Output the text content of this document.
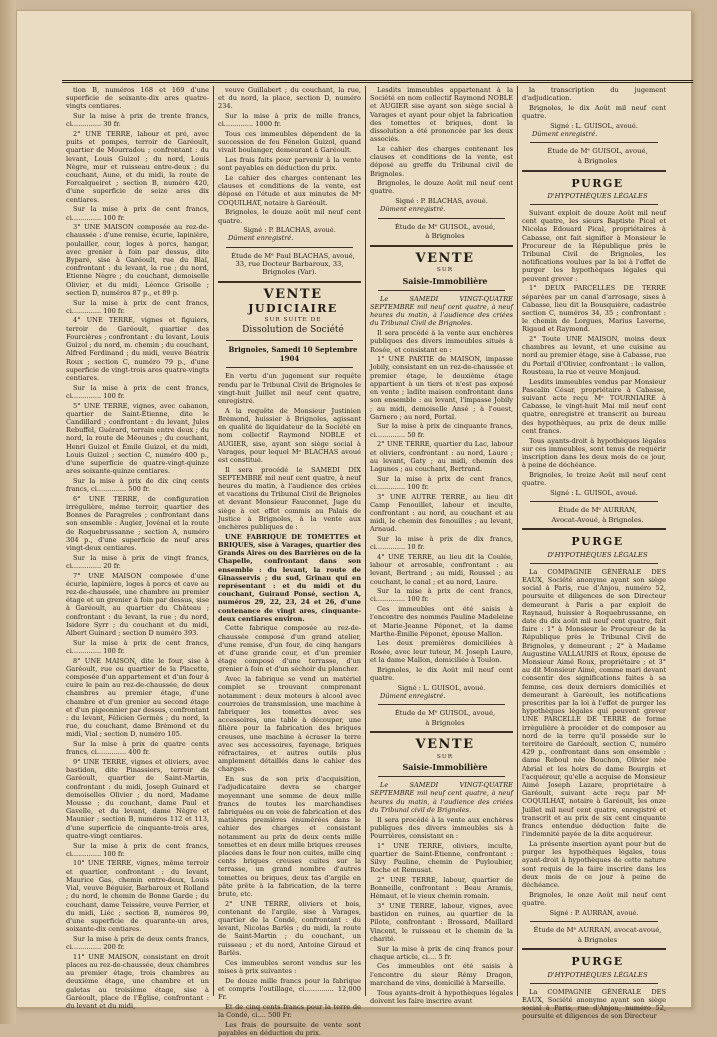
tion B, numéros 168 et 169 d'une superficie de soixante-dix ares quatre-vingts centiares.

Sur la mise à prix de trente francs, ci.............. 30 fr.

2° UNE TERRE, labour et pré, avec puits et pompes, terroir de Garéoult, quartier de Mourradou ; confrontant : du levant, Louis Guizol ; du nord, Louis Nègre, mur et ruisseau entre-deux ; du couchant, Aune, et du midi, la route de Forcalqueiret ; section B, numéro 420, d'une superficie de seize ares dix centiares.

Sur la mise à prix de cent francs, ci.............. 100 fr.

3° UNE MAISON composée au rez-de-chaussée : d'une remise, écurie, lapinière, poulailler, cour, loges à porcs, hangar, avec grenier à foin par dessus, dite Byparé, sise à Garéoult, rue du Blaï, confrontant : du levant, la rue ; du nord, Etienne Nègre ; du couchant, demoiselle Olivier, et du midi, Léonce Grisolle ; section D, numéros 87 p., et 89 p.

Sur la mise à prix de cent francs, ci.............. 100 fr.

4° UNE TERRE, vignes et figuiers, terroir de Garéoult, quartier des Fourcières ; confrontant : du levant, Louis Guizol ; du nord, m. chemin ; du couchant, Alfred Ferdinand ; du midi, veuve Béatrix Roux ; section C, numéro 79 p., d'une superficie de vingt-trois ares quatre-vingts centiares.

Sur la mise à prix de cent francs, ci.............. 100 fr.

5° UNE TERRE, vignes, avec cabanon, quartier de Saint-Étienne, dite le Candillard ; confrontant : du levant, Jules Rebuffel, Guérard, terrain entre deux ; du nord, la route de Méounes ; du couchant, Henri Guizol et Émile Guizol, et du midi, Louis Guizol ; section C, numéro 400 p., d'une superficie de quatre-vingt-quinze ares soixante-quinze centiares.

Sur la mise à prix de dix cinq cents francs, ci.............. 500 fr.

6° UNE TERRE, de configuration irrégulière, même terroir, quartier des Bonnes de Paragreles ; confrontant dans son ensemble : Augier, Jovénal et la route de Roquebrussanne ; section A, numéro 304 p., d'une superficie de neuf ares vingt-deux centiares.

Sur la mise à prix de vingt francs, ci.............. 20 fr.

7° UNE MAISON composée d'une écurie, lapinière, loges à porcs et cave au rez-de-chaussée, une chambre au premier étage et un grenier à foin par dessus, sise à Garéoult, au quartier du Château ; confrontant : du levant, la rue ; du nord, Isidore Syrr ; du couchant et du midi, Albert Guinard ; section D numéro 393.

Sur la mise à prix de cent francs, ci.............. 100 fr.

8° UNE MAISON, dite le four, sise à Garéoult, rue ou quartier de la Placette, composée d'un appartement et d'un four à cuire le pain au rez-de-chaussée, de deux chambres au premier étage, d'une chambre et d'un grenier au second étage et d'un pigeonnier par dessus, confrontant : du levant, Félicien Germès ; du nord, la rue, du couchant, dame Brémond et du midi, Vial ; section D, numéro 105.

Sur la mise à prix de quatre cents francs, ci.............. 400 fr.

9° UNE TERRE, vignes et oliviers, avec bastidon, dite Pinassiers, terroir de Garéoult, quartier de Saint-Martin, confrontant : du midi, Joseph Guinard et demoiselles Olivier ; du nord, Madame Mousse ; du couchant, dame Paul et Gavelle, et du levant, dame Nègre et Maunier ; section B, numéros 112 et 113, d'une superficie de cinquante-trois ares, quatre-vingt centiares.

Sur la mise à prix de cent francs, ci.............. 100 fr.

10° UNE TERRE, vignes, même terroir et quartier, confrontant : du levant, Maurice Gas, chemin entre-deux, Louis Vial, veuve Béguier, Barbaroux et Rolland ; du nord, le chemin de Bonne Garde ; du couchant, dame Teissère, veuve Perrier, et du midi, Liéc ; section B, numéros 99, d'une superficie de quarante-un ares, soixante-dix centiares.

Sur la mise à prix de deux cents francs, ci.............. 200 fr.

11° UNE MAISON, consistant en droit places au rez-de-chaussée, deux chambres au premier étage, trois chambres au deuxième étage, une chambre et un galetas au troisième étage, sise à Garéoult, place de l'Église, confrontant : du levant et du midi,

veuve Guillabert ; du couchant, la rue, et du nord, la place, section D, numéro 234.

Sur la mise à prix de mille francs, ci.............. 1000 fr.

Tous ces immeubles dépendent de la succession de feu Fénelon Guizol, quand vivait boulanger, demeurant à Garéoult.

Les frais faits pour parvenir à la vente sont payables en déduction du prix.

Le cahier des charges contenant les clauses et conditions de la vente, est déposé en l'étude et aux minutes de Mᵉ COQUILHAT, notaire à Garéoult.

Brignoles, le douze août mil neuf cent quatre.

Signé : P. BLACHAS, avoué.

Dûment enregistré.

Étude de Mᵉ Paul BLACHAS, avoué, 33, rue Docteur Barbaroux, 33, Brignoles (Var).

VENTE

JUDICIAIRE

SUR SUITE DE

Dissolution de Société

Brignoles, Samedi 10 Septembre 1904

En vertu d'un jugement sur requête rendu par le Tribunal Civil de Brignoles le vingt-huit Juillet mil neuf cent quatre, enregistré.

A la requête de Monsieur Justinien Brémond, huissier à Brignoles, agissant en qualité de liquidateur de la Société en nom collectif Raymond NOBLE et AUGIER, sise, ayant son siège social à Varages, pour lequel Mᵉ BLACHAS avoué est constitué.

Il sera procédé le SAMEDI DIX SEPTEMBRE mil neuf cent quatre, à neuf heures du matin, à l'audience des criées et vacations du Tribunal Civil de Brignoles et devant Monsieur Fauconnet, Juge du siège à cet effet commis au Palais de Justice à Brignoles, à la vente aux enchères publiques de :

UNE FABRIQUE DE TOMETTES et BRIQUES, sise à Varages, quartier des Grands Aires ou des Barrières ou de la Chapelle, confrontant dans son ensemble : du levant, la route de Ginasservis ; du sud, Grinau qui en représentant : et du midi et du couchant, Guiraud Ponsé, section A, numéros 29, 22, 23, 24 et 26, d'une contenance de vingt ares, cinquante-deux centiares environ.

Cette fabrique composée au rez-de-chaussée composé d'un grand atelier, d'une remise, d'un four, de cinq hangars et d'une grande cour, et d'un premier étage composé d'une terrasse, d'un grenier à foin et d'un séchoir du plancher.

Avec la fabrique se vend un matériel complet se trouvant comprenant notamment : deux moteurs à alcool avec courroies de transmission, une machine à fabriquer les tomettes avec ses accessoires, une table à découper, une filière pour la fabrication des briques creuses, une machine à écraser la terre avec ses accessoires, fayenage, briques réfractaires, et autres outils plus amplement détaillés dans le cahier des charges.

En sus de son prix d'acquisition, l'adjudicataire devra se charger moyennant une somme de deux mille francs de toutes les marchandises fabriquées ou en voie de fabrication et des matières premières énumérées dans le cahier des charges et consistant notamment au prix de deux cents mille tomettes et en deux mille briques creuses placées dans le four non cuites, mille cinq cents briques creuses cuites sur la terrasse, un grand nombre d'autres tomettes ou briques, deux tas d'argile en pâte prête à la fabrication, de la terre brute, etc.

2° UNE TERRE, oliviers et bois, contenant de l'argile, sise à Varages, quartier de la Condé, confrontant : du levant, Nicolas Barlès ; du midi, la route de Saint-Martin ; du couchant, un ruisseau ; et du nord, Antoine Giraud et Barlès.

Ces immeubles seront vendus sur les mises à prix suivantes :

De douze mille francs pour la fabrique et compris l'outillage, ci.............. 12,000 Fr.

Et de cinq cents francs pour la terre de la Condé, ci.... 500 Fr.

Les frais de poursuite de vente sont payables en déduction du prix.

Lesdits immeubles appartenant à la Société en nom collectif Raymond NOBLE et AUGIER sise ayant son siège social à Varages et ayant pour objet la fabrication des tomettes et briques, dont la dissolution a été prononcée par les deux associés.

Le cahier des charges contenant les clauses et conditions de la vente, est déposé au greffe du Tribunal civil de Brignoles.

Brignoles, le douze Août mil neuf cent quatre.

Signé : P. BLACHAS, avoué.

Dûment enregistré.

Étude de Mᵉ GUISOL, avoué,

à Brignoles

VENTE

SUR

Saisie-Immobilière

Le SAMEDI VINGT-QUATRE SEPTEMBRE mil neuf cent quatre, à neuf heures du matin, à l'audience des criées du Tribunal Civil de Brignoles.

Il sera procédé à la vente aux enchères publiques des divers immeubles situés à Rosée, et consistant en :

1° UNE PARTIE de MAISON, impasse Jobily, consistant en un rez-de-chaussée et premier étage, le deuxième étage appartient à un tiers et n'est pas exposé en vente ; ladite maison confrontant dans son ensemble : au levant, l'impasse Jobily ; au midi, demoiselle Ansé ; à l'ouest, Garnero ; au nord, Portal.

Sur la mise à prix de cinquante francs, ci.............. 50 fr.

2° UNE TERRE, quartier du Lac, labour et oliviers, confrontant : au nord, Laure ; au levant, Gaty ; au midi, chemin des Lagunes ; au couchant, Bertrand.

Sur la mise à prix de cent francs, ci.............. 100 fr.

3° UNE AUTRE TERRE, au lieu dit Camp Fenouillet, labour et inculte, confrontant : au nord, au couchant et au midi, le chemin des fenouilles ; au levant, Arnaud.

Sur la mise à prix de dix francs, ci.............. 10 fr.

4° UNE TERRE, au lieu dit la Coulée, labour et arrosable, confrontant : au levant, Bertrand ; au midi, Roussel ; au couchant, le canal ; et au nord, Laure.

Sur la mise à prix de cent francs, ci.............. 100 fr.

Ces immeubles ont été saisis à l'encontre des nommés Pauline Madeleine et Marie-Jeanne Péponet, et la dame Marthe-Émilie Péponet, épouse Mallon.

Les deux premières domiciliées à Rosée, avec leur tuteur, M. Joseph Laure, et la dame Mallon, domiciliée à Toulon.

Brignoles, le dix Août mil neuf cent quatre.

Signé : L. GUISOL, avoué.

Dûment enregistré.

Étude de Mᵉ GUISOL, avoué,

à Brignoles

VENTE

SUR

Saisie-Immobilière

Le SAMEDI VINGT-QUATRE SEPTEMBRE mil neuf cent quatre, à neuf heures du matin, à l'audience des criées du Tribunal civil de Brignoles.

Il sera procédé à la vente aux enchères publiques des divers immeubles sis à Pourrières, consistant en :

1° UNE TERRE, oliviers, inculte, quartier de Saint-Étienne, confrontant : Silvy Pauline, chemin de Puyloubier, Roche et Remusat.

2° UNE TERRE, labour, quartier de Bonneille, confrontant : Beau Aramis, Hémaut, et le vieux chemin romain.

3° UNE TERRE, labour, vignes, avec bastidon en ruines, au quartier de la Pilote, confrontant : Brossard, Maillard Vincent, le ruisseau et le chemin de la charité.

Sur la mise à prix de cinq francs pour chaque article, ci.... 5 fr.

Ces immeubles ont été saisis à l'encontre du sieur Rémy Dragon, marchand de vins, domicilié à Marseille.

Tous ayants-droit à hypothèques légales doivent les faire inscrire avant

la transcription du jugement d'adjudication.

Brignoles, le dix Août mil neuf cent quatre.

Signé : L. GUISOL, avoué.

Dûment enregistré.

Étude de Mᵉ GUISOL, avoué,

à Brignoles

PURGE

D'HYPOTHÈQUES LÉGALES

Suivant exploit de douze Août mil neuf cent quatre, les sieurs Baptiste Pical et Nicolas Edouard Pical, propriétaires à Cabasse, ont fait signifier à Monsieur le Procureur de la République près le Tribunal Civil de Brignoles, les notifications voulues par la loi à l'effet de purger les hypothèques légales qui peuvent grever :

1° DEUX PARCELLES DE TERRE séparées par un canal d'arrosage, sises à Cabasse, lieu dit la Bousquière, cadastrée section C, numéros 34, 35 ; confrontant : le chemin de Lorgues, Marius Laverne, Rigaud et Raymond.

2° Toute UNE MAISON, moins deux chambres au levant, et une cuisine au nord au premier étage, sise à Cabasse, rue du Portail d'Olivier, confrontant : le vallon, Rousteau, la rue et veuve Monjaud.

Lesdits immeubles vendus par Monsieur Pascalin César, propriétaire à Cabasse, suivant acte reçu Mᵉ TOURNIAIRE à Cabasse, le vingt-huit Mai mil neuf cent quatre, enregistré et transcrit au bureau des hypothèques, au prix de deux mille cent francs.

Tous ayants-droit à hypothèques légales sur ces immeubles, sont tenus de requérir inscription dans les deux mois de ce jour, à peine de déchéance.

Brignoles, le treize Août mil neuf cent quatre.

Signé : L. GUISOL, avoué.

Étude de Mᵉ AURRAN,

Avocat-Avoué, à Brignoles.

PURGE

D'HYPOTHÈQUES LÉGALES

La COMPAGNIE GÉNÉRALE DES EAUX, Société anonyme ayant son siège social à Paris, rue d'Anjou, numéro 52, poursuite et diligences de son Directeur demeurant à Paris a par exploit de Raynaud, huissier à Roquebrussanne, en date du dix août mil neuf cent quatre, fait faire : 1° à Monsieur le Procureur de la République près le Tribunal Civil de Brignoles, y demeurant ; 2° à Madame Augustine VALLAURIS et Roux, épouse de Monsieur Aimé Roux, propriétaire ; et 3° au dit Monsieur Aimé, comme mari devant consentir des significations faites à sa femme, ces deux derniers domiciliés et demeurant à Garéoult, les notifications prescrites par la loi à l'effet de purger les hypothèques légales qui peuvent grever UNE PARCELLE DE TERRE de forme irrégulière à procéder et de composer au nord de la terre qu'il possède sur le territoire de Garéoult, section C, numéro 429 p., confrontant dans son ensemble : dame Reboul née Bouchon, Olivier née Abrial et les hoirs de dame Bourgin et l'acquéreur, qu'elle a acquise de Monsieur Aimé Joseph Lazare, propriétaire à Garéoult, suivant acte reçu par Mᵉ COQUILHAT, notaire à Garéoult, les onze Juillet mil neuf cent quatre, enregistré et transcrit et au prix de six cent cinquante francs entendue déduction faite de l'indemnité payée de la dite acquéreur.

La présente insertion ayant pour but de purger les hypothèques légales, tous ayant-droit à hypothèques de cette nature sont requis de la faire inscrire dans les deux mois de ce jour à peine de déchéance.

Brignoles, le onze Août mil neuf cent quatre.

Signé : P. AURRAN, avoué.

Étude de Mᵉ AURRAN, avocat-avoué,

à Brignoles

PURGE

D'HYPOTHÈQUES LÉGALES

La COMPAGNIE GÉNÉRALE DES EAUX, Société anonyme ayant son siège social à Paris, rue d'Anjou, numéro 52, poursuite et diligences de son Directeur
